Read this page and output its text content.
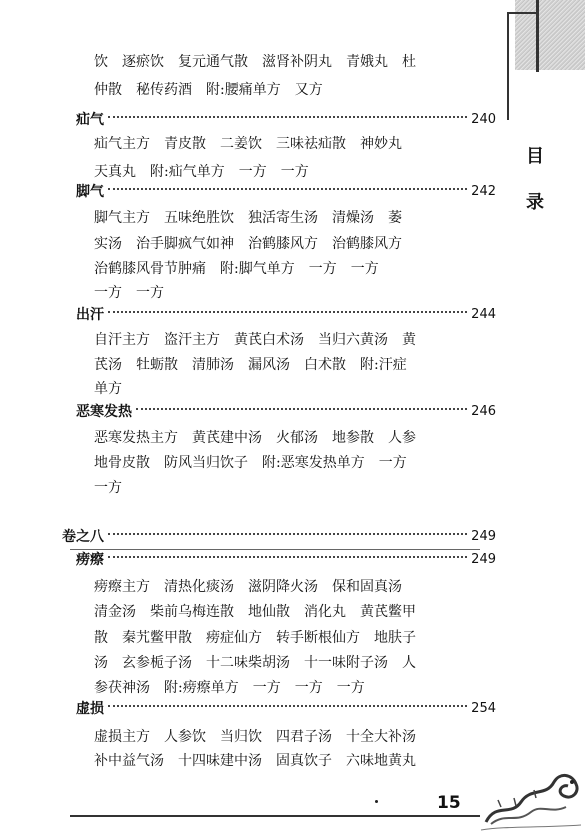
目
录
饮　逐瘀饮　复元通气散　滋肾补阴丸　青娥丸　杜
仲散　秘传药酒　附:腰痛单方　又方
疝气	240
疝气主方　青皮散　二姜饮　三味祛疝散　神妙丸
天真丸　附:疝气单方　一方　一方
脚气	242
脚气主方　五味绝胜饮　独活寄生汤　清燥汤　萎
实汤　治手脚疯气如神　治鹤膝风方　治鹤膝风方
治鹤膝风骨节肿痛　附:脚气单方　一方　一方
一方　一方
出汗	244
自汗主方　盗汗主方　黄芪白术汤　当归六黄汤　黄
芪汤　牡蛎散　清肺汤　漏风汤　白术散　附:汗症
单方
恶寒发热	246
恶寒发热主方　黄芪建中汤　火郁汤　地参散　人参
地骨皮散　防风当归饮子　附:恶寒发热单方　一方
一方
卷之八	249
痨瘵	249
痨瘵主方　清热化痰汤　滋阴降火汤　保和固真汤
清金汤　柴前乌梅连散　地仙散　消化丸　黄芪鳖甲
散　秦艽鳖甲散　痨症仙方　转手断根仙方　地肤子
汤　玄参栀子汤　十二味柴胡汤　十一味附子汤　人
参茯神汤　附:痨瘵单方　一方　一方　一方
虚损	254
虚损主方　人参饮　当归饮　四君子汤　十全大补汤
补中益气汤　十四味建中汤　固真饮子　六味地黄丸
15
